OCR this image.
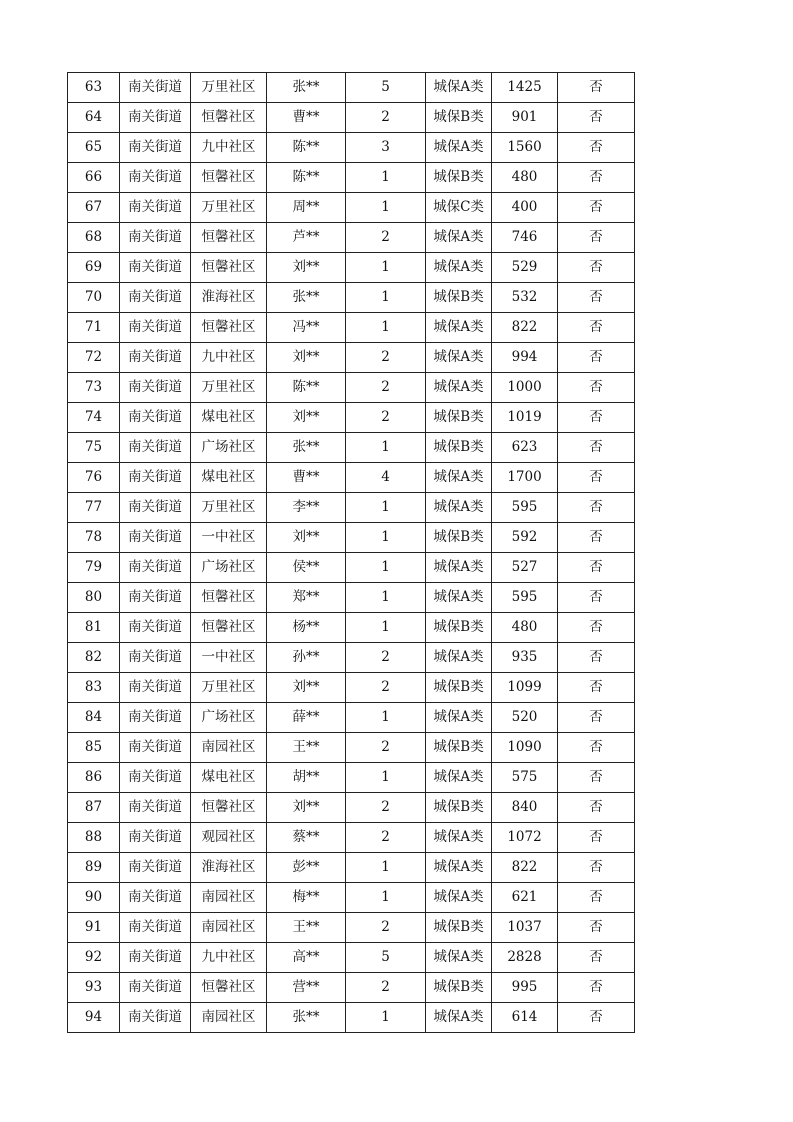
63	南关街道	万里社区	张**	5	城保A类	1425	否
64	南关街道	恒馨社区	曹**	2	城保B类	901	否
65	南关街道	九中社区	陈**	3	城保A类	1560	否
66	南关街道	恒馨社区	陈**	1	城保B类	480	否
67	南关街道	万里社区	周**	1	城保C类	400	否
68	南关街道	恒馨社区	芦**	2	城保A类	746	否
69	南关街道	恒馨社区	刘**	1	城保A类	529	否
70	南关街道	淮海社区	张**	1	城保B类	532	否
71	南关街道	恒馨社区	冯**	1	城保A类	822	否
72	南关街道	九中社区	刘**	2	城保A类	994	否
73	南关街道	万里社区	陈**	2	城保A类	1000	否
74	南关街道	煤电社区	刘**	2	城保B类	1019	否
75	南关街道	广场社区	张**	1	城保B类	623	否
76	南关街道	煤电社区	曹**	4	城保A类	1700	否
77	南关街道	万里社区	李**	1	城保A类	595	否
78	南关街道	一中社区	刘**	1	城保B类	592	否
79	南关街道	广场社区	侯**	1	城保A类	527	否
80	南关街道	恒馨社区	郑**	1	城保A类	595	否
81	南关街道	恒馨社区	杨**	1	城保B类	480	否
82	南关街道	一中社区	孙**	2	城保A类	935	否
83	南关街道	万里社区	刘**	2	城保B类	1099	否
84	南关街道	广场社区	薛**	1	城保A类	520	否
85	南关街道	南园社区	王**	2	城保B类	1090	否
86	南关街道	煤电社区	胡**	1	城保A类	575	否
87	南关街道	恒馨社区	刘**	2	城保B类	840	否
88	南关街道	观园社区	蔡**	2	城保A类	1072	否
89	南关街道	淮海社区	彭**	1	城保A类	822	否
90	南关街道	南园社区	梅**	1	城保A类	621	否
91	南关街道	南园社区	王**	2	城保B类	1037	否
92	南关街道	九中社区	高**	5	城保A类	2828	否
93	南关街道	恒馨社区	营**	2	城保B类	995	否
94	南关街道	南园社区	张**	1	城保A类	614	否
